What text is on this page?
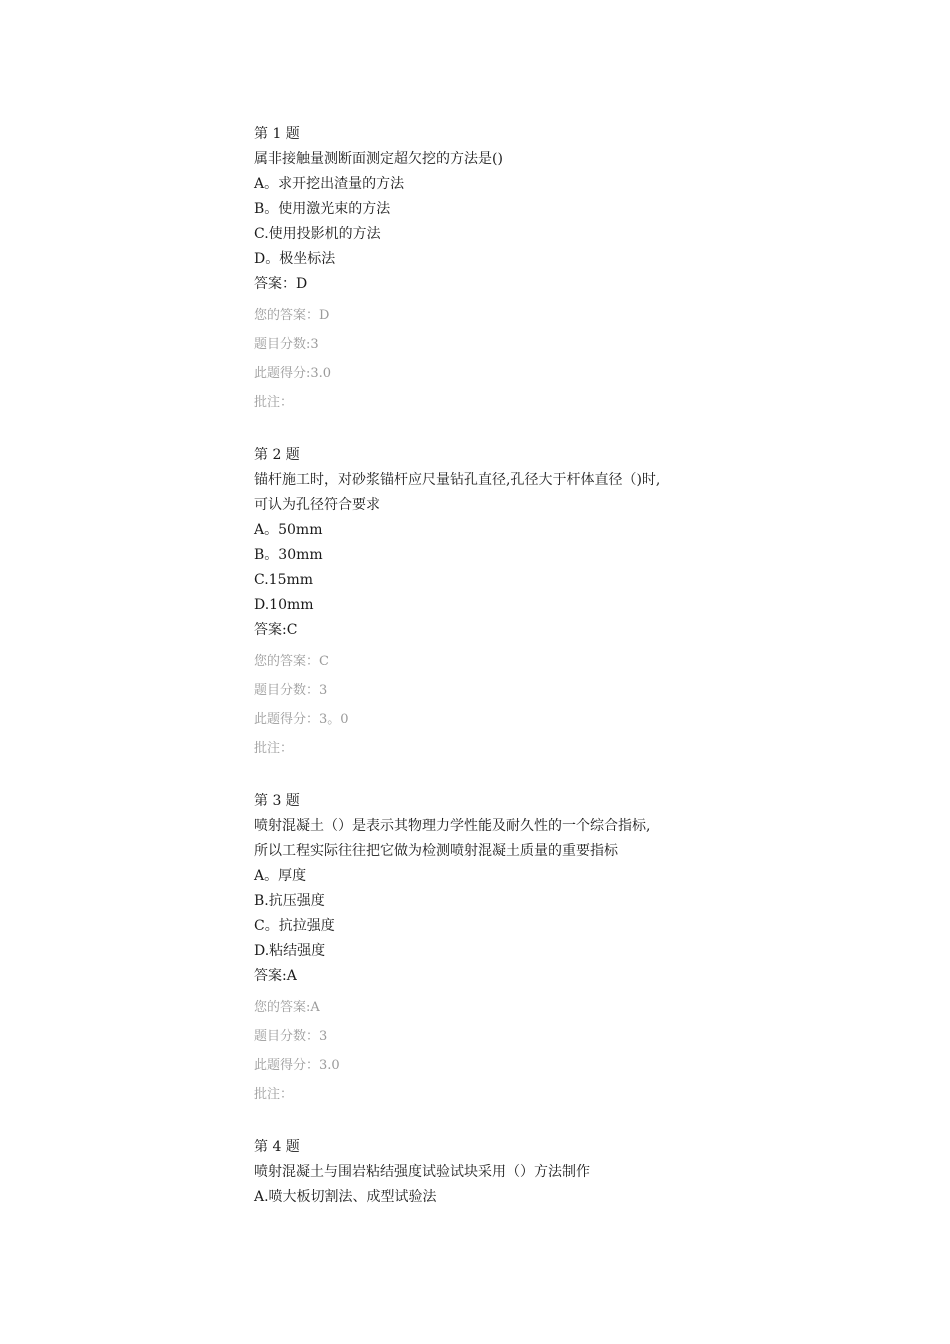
第 1 题
属非接触量测断面测定超欠挖的方法是()
A。求开挖出渣量的方法
B。使用激光束的方法
C.使用投影机的方法
D。极坐标法
答案：D
您的答案：D
题目分数:3
此题得分:3.0
批注：
第 2 题
锚杆施工时，对砂浆锚杆应尺量钻孔直径,孔径大于杆体直径（)时,
可认为孔径符合要求
A。50mm
B。30mm
C.15mm
D.10mm
答案:C
您的答案：C
题目分数：3
此题得分：3。0
批注：
第 3 题
喷射混凝土（）是表示其物理力学性能及耐久性的一个综合指标,
所以工程实际往往把它做为检测喷射混凝土质量的重要指标
A。厚度
B.抗压强度
C。抗拉强度
D.粘结强度
答案:A
您的答案:A
题目分数：3
此题得分：3.0
批注：
第 4 题
喷射混凝土与围岩粘结强度试验试块采用（）方法制作
A.喷大板切割法、成型试验法
